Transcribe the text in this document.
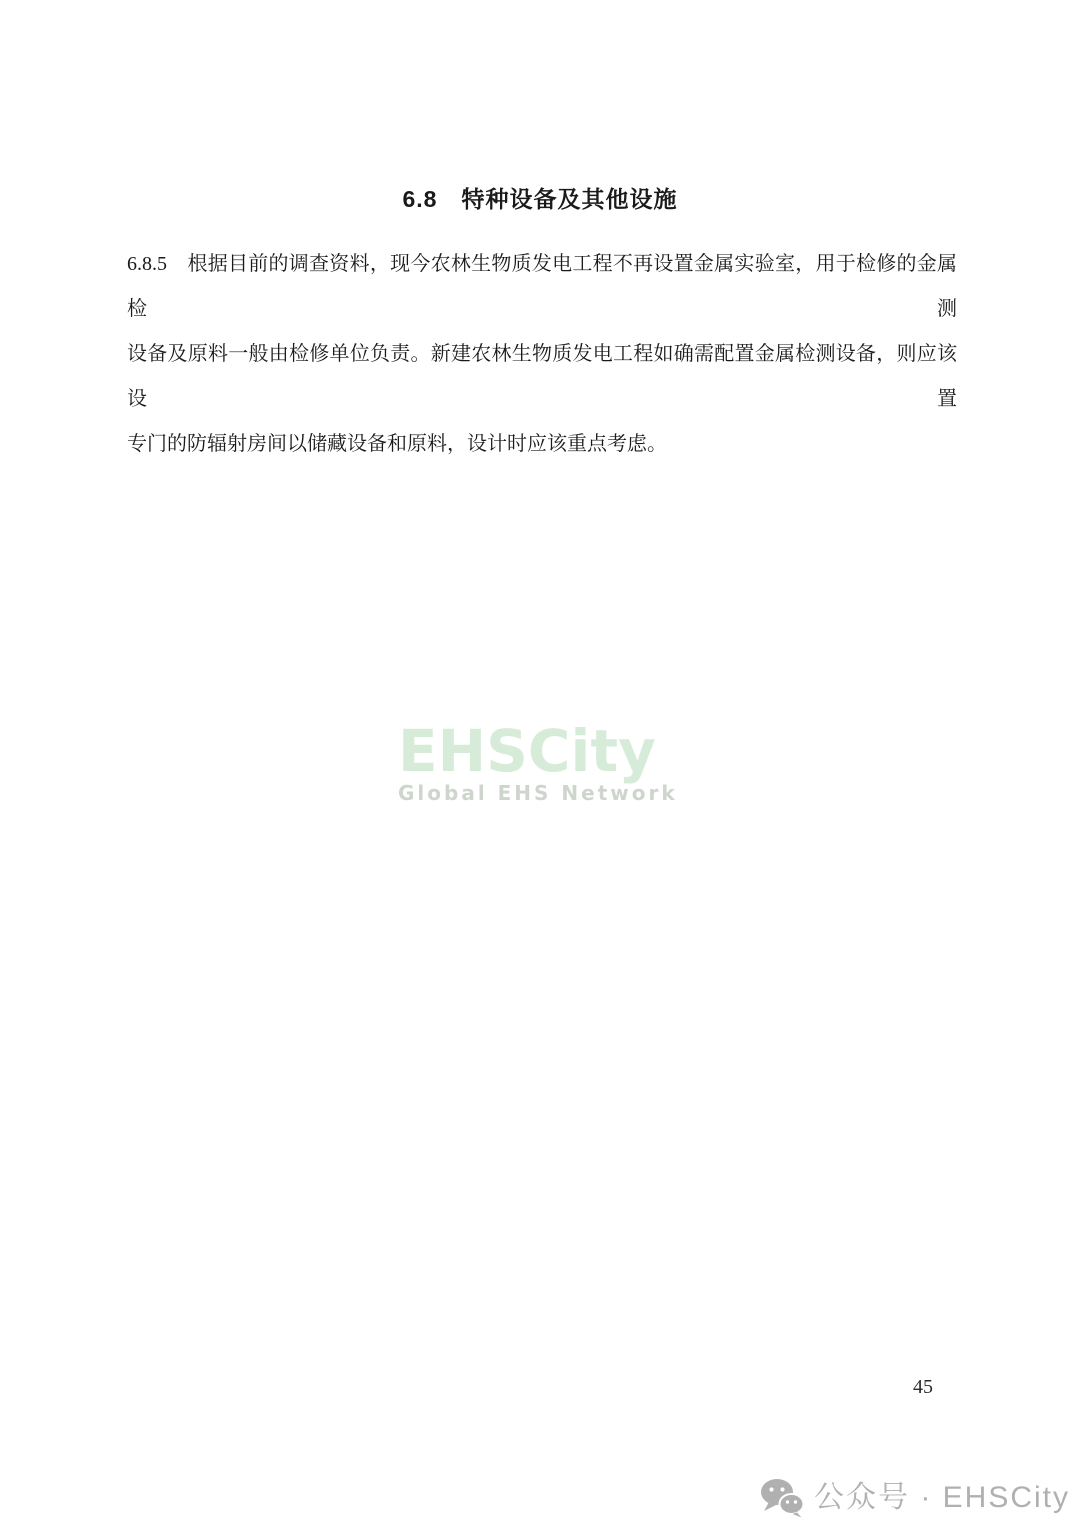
6.8　特种设备及其他设施
6.8.5　根据目前的调查资料，现今农林生物质发电工程不再设置金属实验室，用于检修的金属检测
设备及原料一般由检修单位负责。新建农林生物质发电工程如确需配置金属检测设备，则应该设置
专门的防辐射房间以储藏设备和原料，设计时应该重点考虑。
EHSCity
Global EHS Network
45
公众号 · EHSCity
